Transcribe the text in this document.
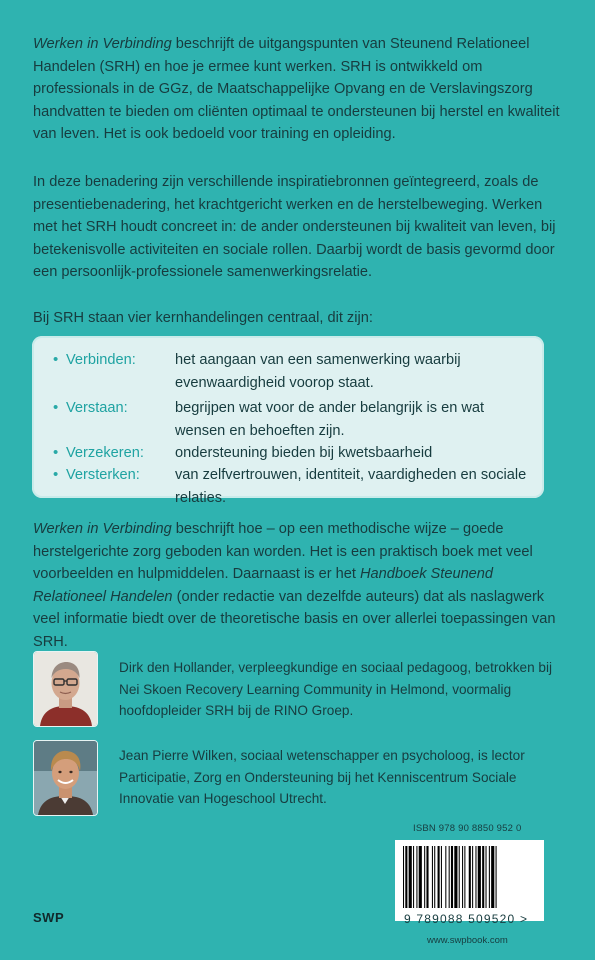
Werken in Verbinding beschrijft de uitgangspunten van Steunend Relationeel Handelen (SRH) en hoe je ermee kunt werken. SRH is ontwikkeld om professionals in de GGz, de Maatschappelijke Opvang en de Verslavingszorg handvatten te bieden om cliënten optimaal te ondersteunen bij herstel en kwaliteit van leven. Het is ook bedoeld voor training en opleiding.

In deze benadering zijn verschillende inspiratiebronnen geïntegreerd, zoals de presentiebenadering, het krachtgericht werken en de herstelbeweging. Werken met het SRH houdt concreet in: de ander ondersteunen bij kwaliteit van leven, bij betekenisvolle activiteiten en sociale rollen. Daarbij wordt de basis gevormd door een persoonlijk-professionele samenwerkingsrelatie.

Bij SRH staan vier kernhandelingen centraal, dit zijn:

• Verbinden:	het aangaan van een samenwerking waarbij evenwaardigheid voorop staat.
• Verstaan:	begrijpen wat voor de ander belangrijk is en wat wensen en behoeften zijn.
• Verzekeren: ondersteuning bieden bij kwetsbaarheid
• Versterken: van zelfvertrouwen, identiteit, vaardigheden en sociale relaties.

Werken in Verbinding beschrijft hoe – op een methodische wijze – goede herstelgerichte zorg geboden kan worden. Het is een praktisch boek met veel voorbeelden en hulpmiddelen. Daarnaast is er het Handboek Steunend Relationeel Handelen (onder redactie van dezelfde auteurs) dat als naslagwerk veel informatie biedt over de theoretische basis en over allerlei toepassingen van SRH.

Dirk den Hollander, verpleegkundige en sociaal pedagoog, betrokken bij Nei Skoen Recovery Learning Community in Helmond, voormalig hoofdopleider SRH bij de RINO Groep.
Jean Pierre Wilken, sociaal wetenschapper en psycholoog, is lector Participatie, Zorg en Ondersteuning bij het Kenniscentrum Sociale Innovatie van Hogeschool Utrecht.
SWP
ISBN 978 90 8850 952 0
9 789088 509520 >
www.swpbook.com
